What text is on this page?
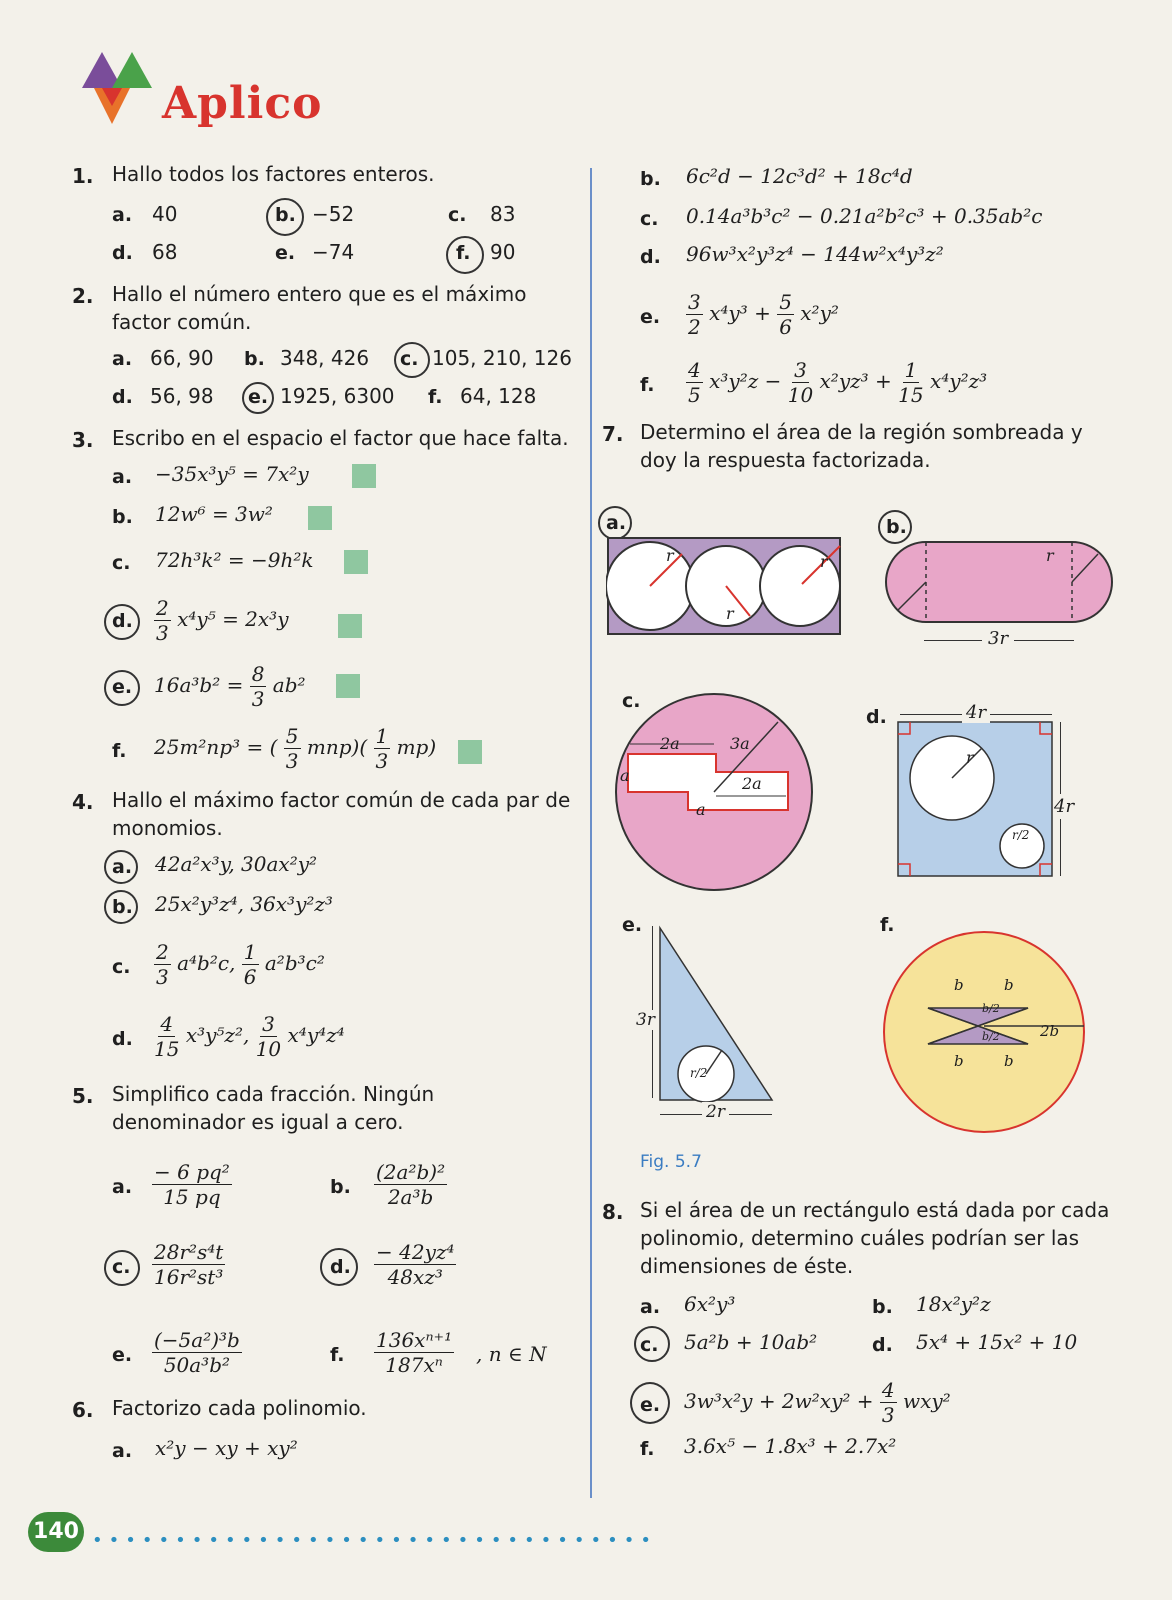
Aplico
1. Hallo todos los factores enteros.
a. 40	b. −52	c. 83
d. 68	e. −74	f. 90
2. Hallo el número entero que es el máximo factor común.
a. 66, 90 b. 348, 426 c. 105, 210, 126
d. 56, 98 e. 1925, 6300 f. 64, 128
3. Escribo en el espacio el factor que hace falta.
a. −35x³y⁵ = 7x²y
b. 12w⁶ = 3w²
c. 72h³k² = −9h²k
d. $\frac{2}{3} x^4y^5 = 2x^3y$
e. $16a^3b^2 = \frac{8}{3} ab^2$
f. 25m²np³ = ( $\frac{5}{3} mnp)( \frac{1}{3} mp)$
4. Hallo el máximo factor común de cada par de monomios.
a. 42a²x³y, 30ax²y²
b. 25x²y³z⁴, 36x³y²z³
c. $\frac{2}{3} a^4b^2c$, $\frac{1}{6} a^2b^3c^2$
d. $\frac{4}{15} x^3y^5z^2$, $\frac{3}{10} x^4y^4z^4$
5. Simplifico cada fracción. Ningún denominador es igual a cero.
a. $\frac{\text{− 6 pq²}}{15 pq}$	b. $\frac{\text{(2a²b)²}}{\text{2a³b}}$
c. $\frac{\text{28r²s⁴t}}{\text{16r²st³}}$	d. $\frac{\text{− 42yz⁴}}{\text{48xz³}}$
e. $\frac{\text{(−5a²)³b}}{\text{50a³b²}}$	f. $\frac{\text{136xⁿ⁺¹}}{\text{187xⁿ}}$ , n ∈ N
6. Factorizo cada polinomio.
a. x²y − xy + xy²
b. 6c²d − 12c³d² + 18c⁴d
c. 0.14a³b³c² − 0.21a²b²c³ + 0.35ab²c
d. 96w³x²y³z⁴ − 144w²x⁴y³z²
e. $\frac{3}{2} x^4y^3 + \frac{5}{6} x^2y^2$
f. $\frac{4}{5} x^3y^2z - \frac{3}{10} x^2yz^3 + \frac{1}{15} x^4y^2z^3$
7. Determino el área de la región sombreada y doy la respuesta factorizada.
a.
r
r
r
b.
r
3r
c.
2a	3a
2a
a
a
d.	4r
4r
r
r/2
e.
3r
r/2
2r
f.
b	b
b	b
2b
b/2
b/2
Fig. 5.7
8. Si el área de un rectángulo está dada por cada polinomio, determino cuáles podrían ser las dimensiones de éste.
a. 6x²y³	b. 18x²y²z
c. 5a²b + 10ab²	d. 5x⁴ + 15x² + 10
e. $3w^3x^2y + 2w^2xy^2 + \frac{4}{3} wxy^2$
f. 3.6x⁵ − 1.8x³ + 2.7x²
140 ••••••••••••••••••••••••••••••••••
